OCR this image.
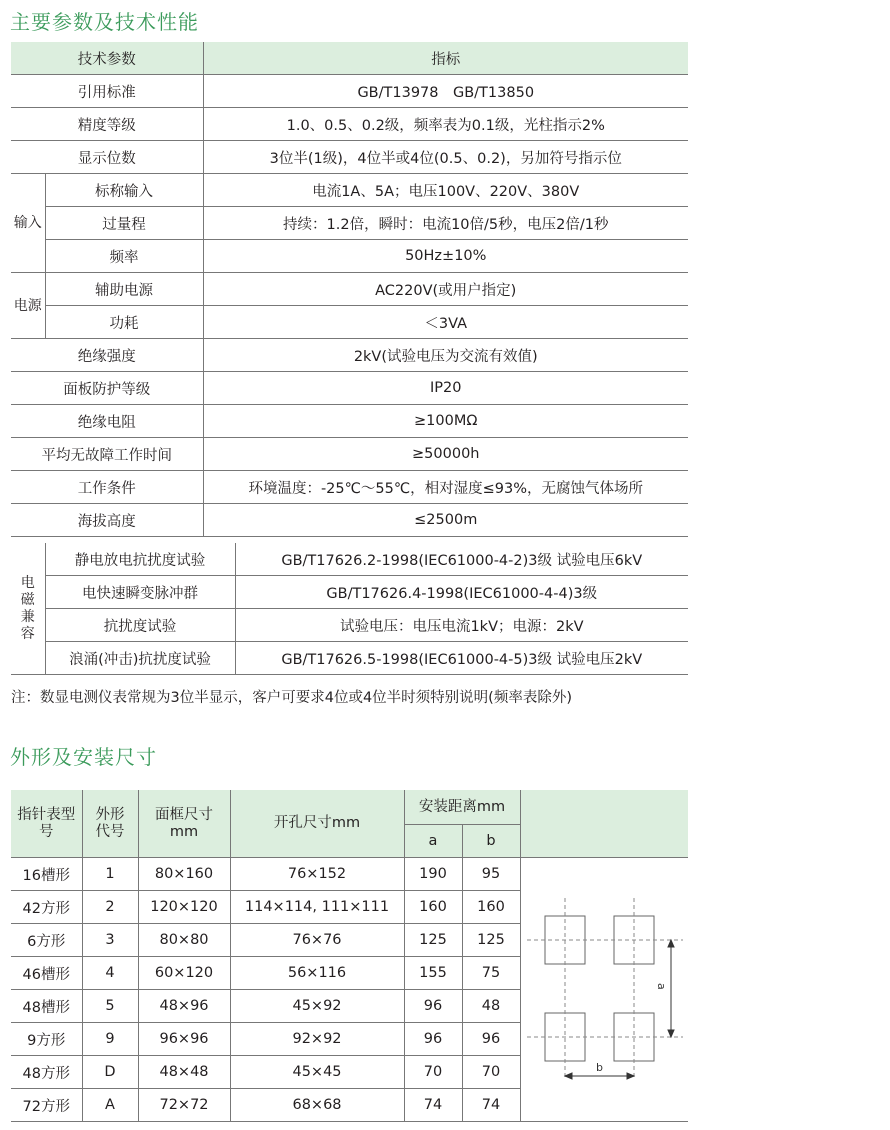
主要参数及技术性能
技术参数		指标
引用标准		GB/T13978　GB/T13850
精度等级		1.0、0.5、0.2级，频率表为0.1级，光柱指示2%
显示位数		3位半(1级)，4位半或4位(0.5、0.2)，另加符号指示位
输入	标称输入	电流1A、5A；电压100V、220V、380V
	过量程	持续：1.2倍，瞬时：电流10倍/5秒，电压2倍/1秒
	频率	50Hz±10%
电源	辅助电源	AC220V(或用户指定)
	功耗	＜3VA
绝缘强度		2kV(试验电压为交流有效值)
面板防护等级		IP20
绝缘电阻		≥100MΩ
平均无故障工作时间		≥50000h
工作条件		环境温度：-25℃～55℃，相对湿度≤93%，无腐蚀气体场所
海拔高度		≤2500m
电磁兼容	静电放电抗扰度试验	GB/T17626.2-1998(IEC61000-4-2)3级 试验电压6kV
	电快速瞬变脉冲群	GB/T17626.4-1998(IEC61000-4-4)3级
	抗扰度试验	试验电压：电压电流1kV；电源：2kV
	浪涌(冲击)抗扰度试验	GB/T17626.5-1998(IEC61000-4-5)3级 试验电压2kV

注：数显电测仪表常规为3位半显示，客户可要求4位或4位半时须特别说明(频率表除外)

外形及安装尺寸
指针表型号	外形代号	面框尺寸mm	开孔尺寸mm	安装距离mm		
				a	b	
16槽形	1	80×160	76×152	190	95	
42方形	2	120×120	114×114, 111×111	160	160	
6方形	3	80×80	76×76	125	125	
46槽形	4	60×120	56×116	155	75	
48槽形	5	48×96	45×92	96	48	
9方形	9	96×96	92×92	96	96	
48方形	D	48×48	45×45	70	70	
72方形	A	72×72	68×68	74	74	
a
b
